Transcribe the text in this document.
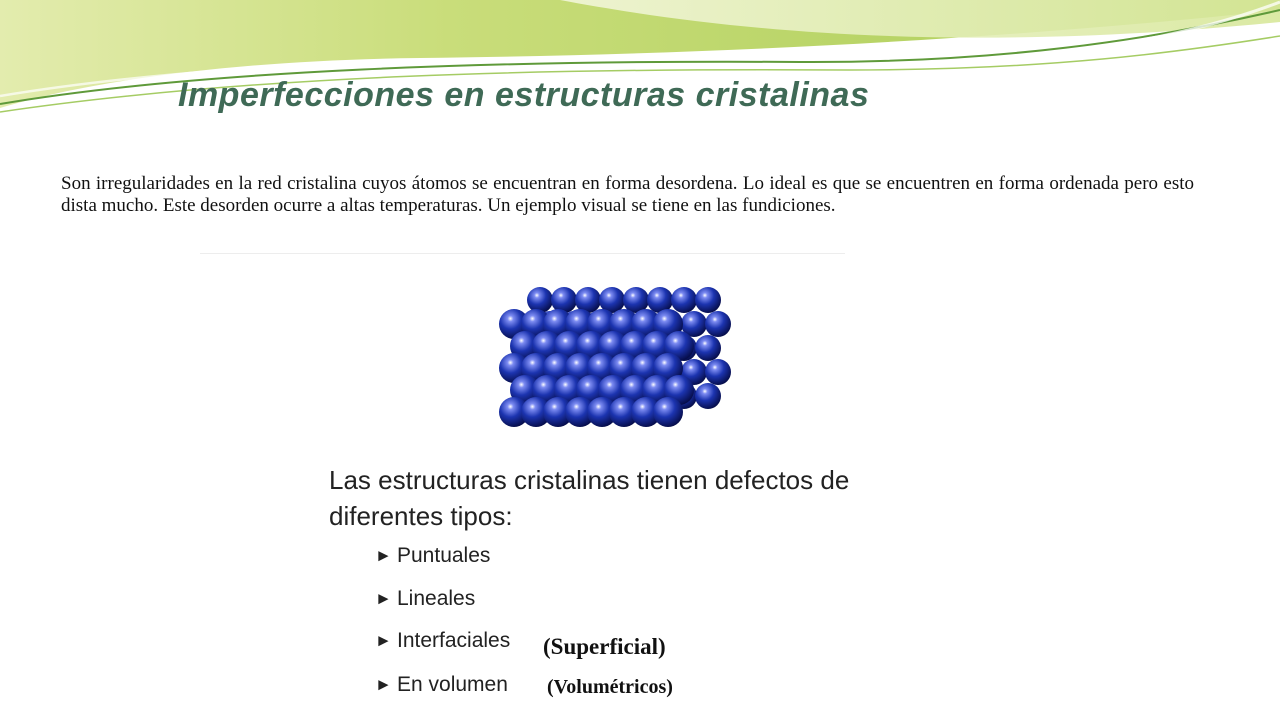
Imperfecciones en estructuras cristalinas

Son irregularidades en la red cristalina cuyos átomos se encuentran en forma desordena. Lo ideal es que se encuentren en forma ordenada pero esto dista mucho. Este desorden ocurre a altas temperaturas. Un ejemplo visual se tiene en las fundiciones.

Las estructuras cristalinas tienen defectos de diferentes tipos:

► Puntuales
► Lineales
► Interfaciales
► En volumen
(Superficial)
(Volumétricos)
